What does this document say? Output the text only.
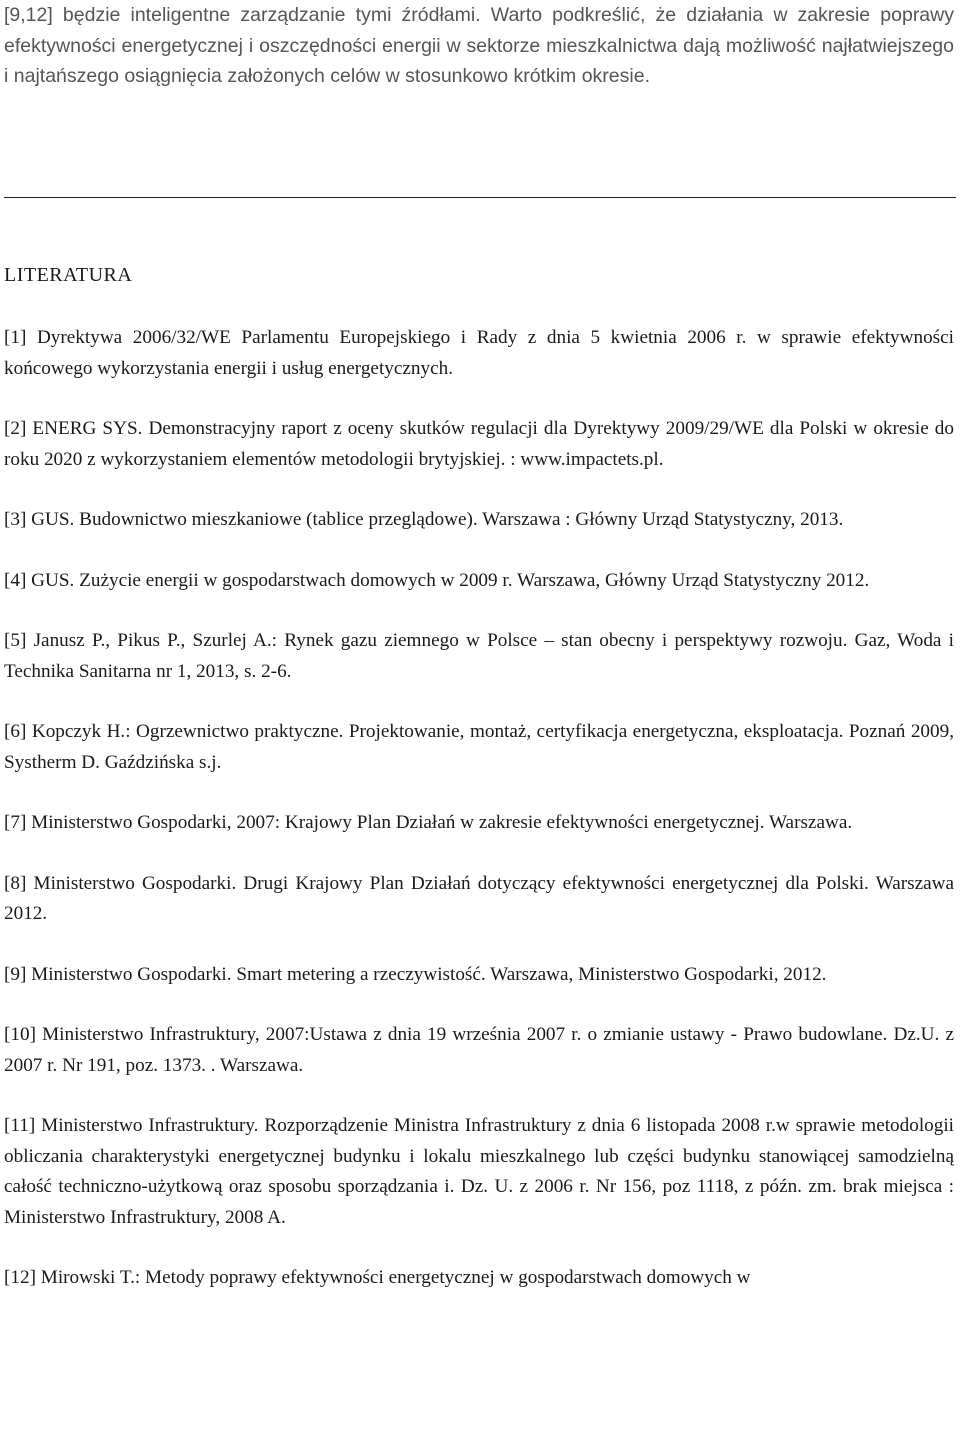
[9,12] będzie inteligentne zarządzanie tymi źródłami. Warto podkreślić, że działania w zakresie poprawy efektywności energetycznej i oszczędności energii w sektorze mieszkalnictwa dają możliwość najłatwiejszego i najtańszego osiągnięcia założonych celów w stosunkowo krótkim okresie.

LITERATURA
[1] Dyrektywa 2006/32/WE Parlamentu Europejskiego i Rady z dnia 5 kwietnia 2006 r. w sprawie efektywności końcowego wykorzystania energii i usług energetycznych.
[2] ENERG SYS. Demonstracyjny raport z oceny skutków regulacji dla Dyrektywy 2009/29/WE dla Polski w okresie do roku 2020 z wykorzystaniem elementów metodologii brytyjskiej. : www.impactets.pl.
[3] GUS. Budownictwo mieszkaniowe (tablice przeglądowe). Warszawa : Główny Urząd Statystyczny, 2013.
[4] GUS. Zużycie energii w gospodarstwach domowych w 2009 r. Warszawa, Główny Urząd Statystyczny 2012.
[5] Janusz P., Pikus P., Szurlej A.: Rynek gazu ziemnego w Polsce – stan obecny i perspektywy rozwoju. Gaz, Woda i Technika Sanitarna nr 1, 2013, s. 2-6.
[6] Kopczyk H.: Ogrzewnictwo praktyczne. Projektowanie, montaż, certyfikacja energetyczna, eksploatacja. Poznań 2009, Systherm D. Gaździńska s.j.
[7] Ministerstwo Gospodarki, 2007: Krajowy Plan Działań w zakresie efektywności energetycznej. Warszawa.
[8] Ministerstwo Gospodarki. Drugi Krajowy Plan Działań dotyczący efektywności energetycznej dla Polski. Warszawa 2012.
[9] Ministerstwo Gospodarki. Smart metering a rzeczywistość. Warszawa, Ministerstwo Gospodarki, 2012.
[10] Ministerstwo Infrastruktury, 2007:Ustawa z dnia 19 września 2007 r. o zmianie ustawy - Prawo budowlane. Dz.U. z 2007 r. Nr 191, poz. 1373. . Warszawa.
[11] Ministerstwo Infrastruktury. Rozporządzenie Ministra Infrastruktury z dnia 6 listopada 2008 r.w sprawie metodologii obliczania charakterystyki energetycznej budynku i lokalu mieszkalnego lub części budynku stanowiącej samodzielną całość techniczno-użytkową oraz sposobu sporządzania i. Dz. U. z 2006 r. Nr 156, poz 1118, z późn. zm. brak miejsca : Ministerstwo Infrastruktury, 2008 A.
[12] Mirowski T.: Metody poprawy efektywności energetycznej w gospodarstwach domowych w
